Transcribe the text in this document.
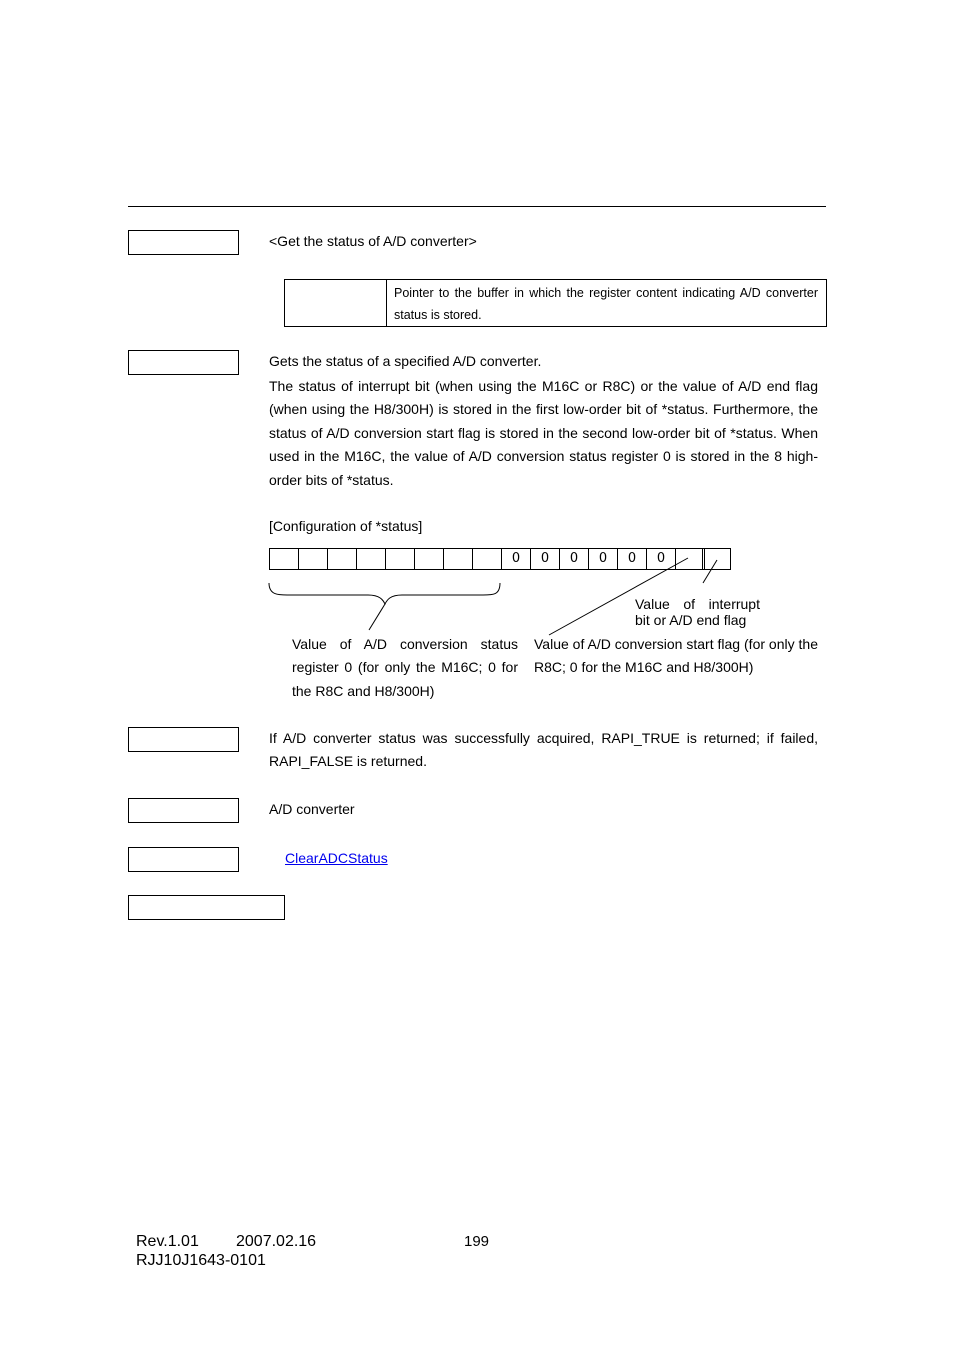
<Get the status of A/D converter>
Pointer to the buffer in which the register content indicating A/D converter status is stored.
Gets the status of a specified A/D converter.
The status of interrupt bit (when using the M16C or R8C) or the value of A/D end flag (when using the H8/300H) is stored in the first low-order bit of *status. Furthermore, the status of A/D conversion start flag is stored in the second low-order bit of *status. When used in the M16C, the value of A/D conversion status register 0 is stored in the 8 high-order bits of *status.
[Configuration of *status]
0	0	0	0	0	0
Value of interrupt
bit or A/D end flag
Value of A/D conversion status register 0 (for only the M16C; 0 for the R8C and H8/300H)
Value of A/D conversion start flag (for only the R8C; 0 for the M16C and H8/300H)
If A/D converter status was successfully acquired, RAPI_TRUE is returned; if failed, RAPI_FALSE is returned.
A/D converter
ClearADCStatus
Rev.1.01 2007.02.16	199
RJJ10J1643-0101
